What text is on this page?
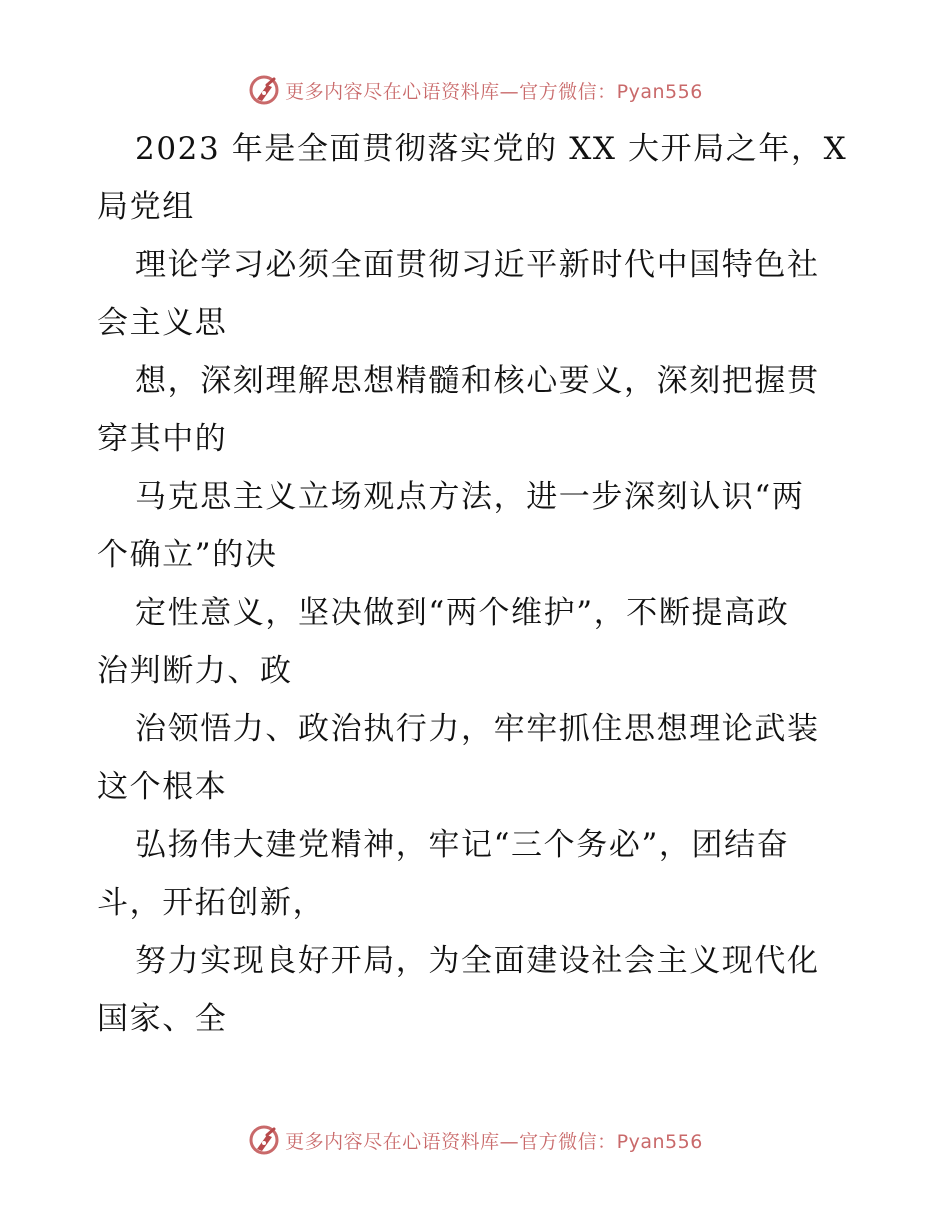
更多内容尽在心语资料库—官方微信：Pyan556

2023 年是全面贯彻落实党的 XX 大开局之年，X
局党组

理论学习必须全面贯彻习近平新时代中国特色社
会主义思

想，深刻理解思想精髓和核心要义，深刻把握贯
穿其中的

马克思主义立场观点方法，进一步深刻认识“两
个确立”的决

定性意义，坚决做到“两个维护”，不断提高政
治判断力、政

治领悟力、政治执行力，牢牢抓住思想理论武装
这个根本

弘扬伟大建党精神，牢记“三个务必”，团结奋
斗，开拓创新，

努力实现良好开局，为全面建设社会主义现代化
国家、全

更多内容尽在心语资料库—官方微信：Pyan556
